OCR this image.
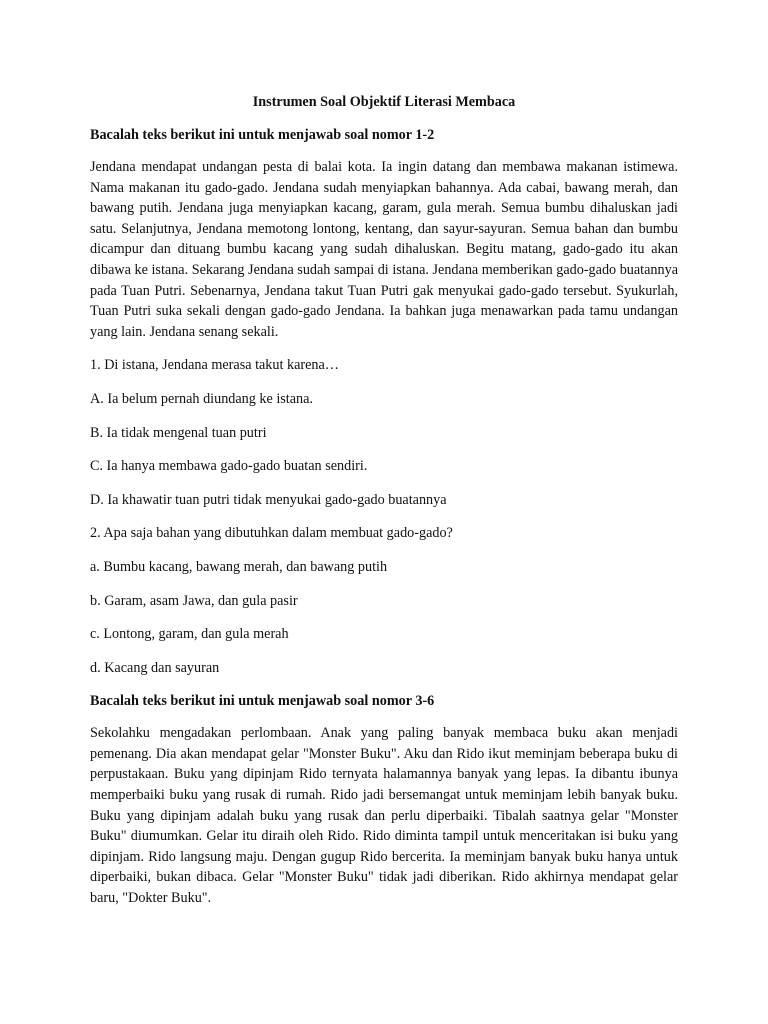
Instrumen Soal Objektif Literasi Membaca
Bacalah teks berikut ini untuk menjawab soal nomor 1-2
Jendana mendapat undangan pesta di balai kota. Ia ingin datang dan membawa makanan istimewa. Nama makanan itu gado-gado. Jendana sudah menyiapkan bahannya. Ada cabai, bawang merah, dan bawang putih. Jendana juga menyiapkan kacang, garam, gula merah. Semua bumbu dihaluskan jadi satu. Selanjutnya, Jendana memotong lontong, kentang, dan sayur-sayuran. Semua bahan dan bumbu dicampur dan dituang bumbu kacang yang sudah dihaluskan. Begitu matang, gado-gado itu akan dibawa ke istana. Sekarang Jendana sudah sampai di istana. Jendana memberikan gado-gado buatannya pada Tuan Putri. Sebenarnya, Jendana takut Tuan Putri gak menyukai gado-gado tersebut. Syukurlah, Tuan Putri suka sekali dengan gado-gado Jendana. Ia bahkan juga menawarkan pada tamu undangan yang lain. Jendana senang sekali.
1. Di istana, Jendana merasa takut karena…
A. Ia belum pernah diundang ke istana.
B. Ia tidak mengenal tuan putri
C. Ia hanya membawa gado-gado buatan sendiri.
D. Ia khawatir tuan putri tidak menyukai gado-gado buatannya
2. Apa saja bahan yang dibutuhkan dalam membuat gado-gado?
a. Bumbu kacang, bawang merah, dan bawang putih
b. Garam, asam Jawa, dan gula pasir
c. Lontong, garam, dan gula merah
d. Kacang dan sayuran
Bacalah teks berikut ini untuk menjawab soal nomor 3-6
Sekolahku mengadakan perlombaan. Anak yang paling banyak membaca buku akan menjadi pemenang. Dia akan mendapat gelar "Monster Buku". Aku dan Rido ikut meminjam beberapa buku di perpustakaan. Buku yang dipinjam Rido ternyata halamannya banyak yang lepas. Ia dibantu ibunya memperbaiki buku yang rusak di rumah. Rido jadi bersemangat untuk meminjam lebih banyak buku. Buku yang dipinjam adalah buku yang rusak dan perlu diperbaiki. Tibalah saatnya gelar "Monster Buku" diumumkan. Gelar itu diraih oleh Rido. Rido diminta tampil untuk menceritakan isi buku yang dipinjam. Rido langsung maju. Dengan gugup Rido bercerita. Ia meminjam banyak buku hanya untuk diperbaiki, bukan dibaca. Gelar "Monster Buku" tidak jadi diberikan. Rido akhirnya mendapat gelar baru, "Dokter Buku".
